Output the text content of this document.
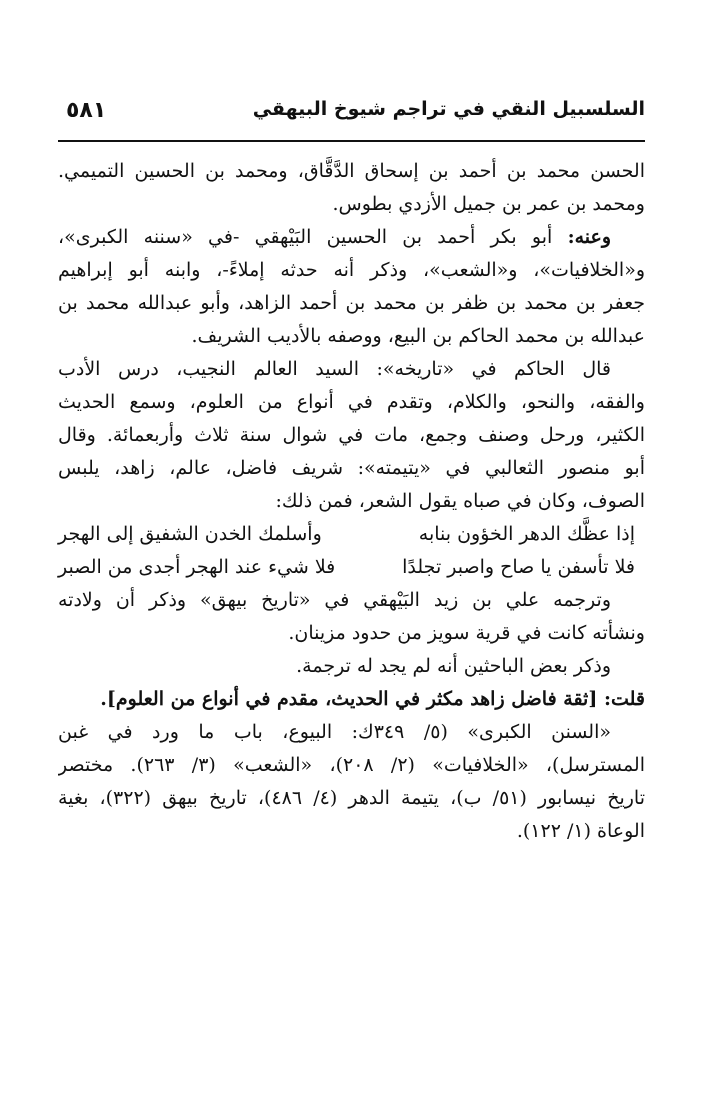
٥٨١	السلسبيل النقي في تراجم شيوخ البيهقي
الحسن محمد بن أحمد بن إسحاق الدَّقَّاق، ومحمد بن الحسين التميمي.
ومحمد بن عمر بن جميل الأزدي بطوس.
وعنه: أبو بكر أحمد بن الحسين البَيْهقي -في «سننه الكبرى»،
و«الخلافيات»، و«الشعب»، وذكر أنه حدثه إملاءً-، وابنه أبو إبراهيم
جعفر بن محمد بن ظفر بن محمد بن أحمد الزاهد، وأبو عبدالله محمد بن
عبدالله بن محمد الحاكم بن البيع، ووصفه بالأديب الشريف.
قال الحاكم في «تاريخه»: السيد العالم النجيب، درس الأدب
والفقه، والنحو، والكلام، وتقدم في أنواع من العلوم، وسمع الحديث
الكثير، ورحل وصنف وجمع، مات في شوال سنة ثلاث وأربعمائة. وقال
أبو منصور الثعالبي في «يتيمته»: شريف فاضل، عالم، زاهد، يلبس
الصوف، وكان في صباه يقول الشعر، فمن ذلك:
إذا عظَّك الدهر الخؤون بنابه
وأسلمك الخدن الشفيق إلى الهجر
فلا تأسفن يا صاح واصبر تجلدًا
فلا شيء عند الهجر أجدى من الصبر
وترجمه علي بن زيد البَيْهقي في «تاريخ بيهق» وذكر أن ولادته
ونشأته كانت في قرية سويز من حدود مزينان.
وذكر بعض الباحثين أنه لم يجد له ترجمة.
قلت: [ثقة فاضل زاهد مكثر في الحديث، مقدم في أنواع من العلوم].
«السنن الكبرى» (٥/ ٣٤٩ك: البيوع، باب ما ورد في غبن
المسترسل)، «الخلافيات» (٢/ ٢٠٨)، «الشعب» (٣/ ٢٦٣). مختصر
تاريخ نيسابور (٥١/ ب)، يتيمة الدهر (٤/ ٤٨٦)، تاريخ بيهق (٣٢٢)، بغية
الوعاة (١/ ١٢٢).
